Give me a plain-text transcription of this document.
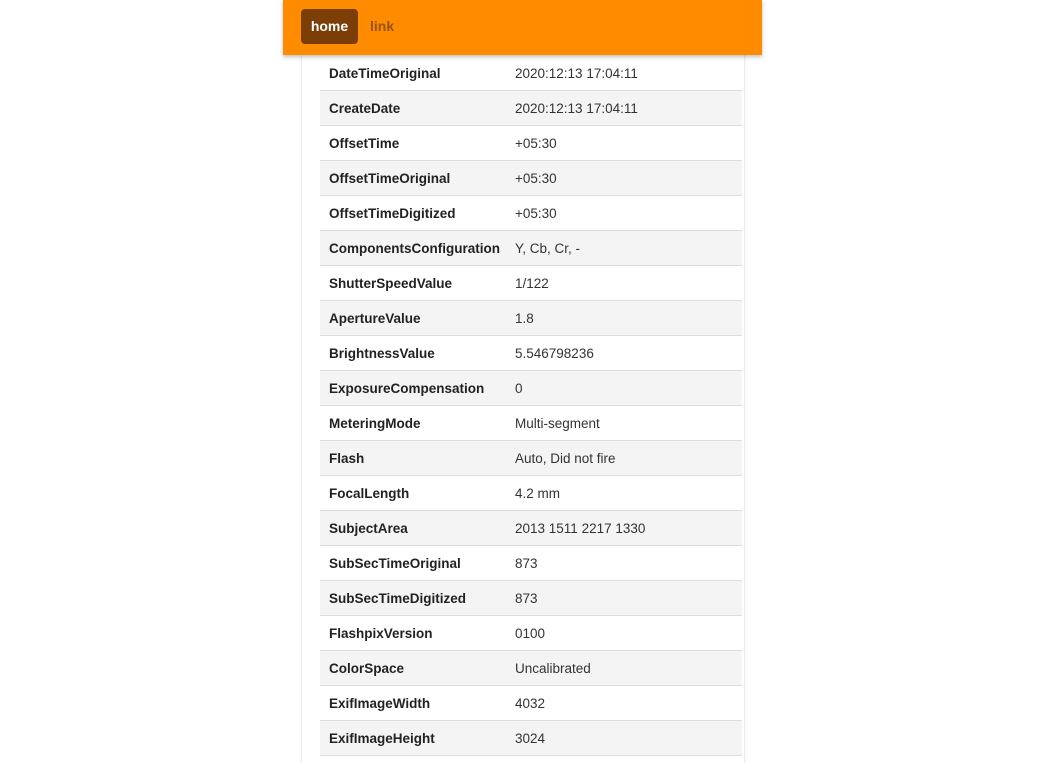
home	link
DateTimeOriginal	2020:12:13 17:04:11
CreateDate	2020:12:13 17:04:11
OffsetTime	+05:30
OffsetTimeOriginal	+05:30
OffsetTimeDigitized	+05:30
ComponentsConfiguration	Y, Cb, Cr, -
ShutterSpeedValue	1/122
ApertureValue	1.8
BrightnessValue	5.546798236
ExposureCompensation	0
MeteringMode	Multi-segment
Flash	Auto, Did not fire
FocalLength	4.2 mm
SubjectArea	2013 1511 2217 1330
SubSecTimeOriginal	873
SubSecTimeDigitized	873
FlashpixVersion	0100
ColorSpace	Uncalibrated
ExifImageWidth	4032
ExifImageHeight	3024
